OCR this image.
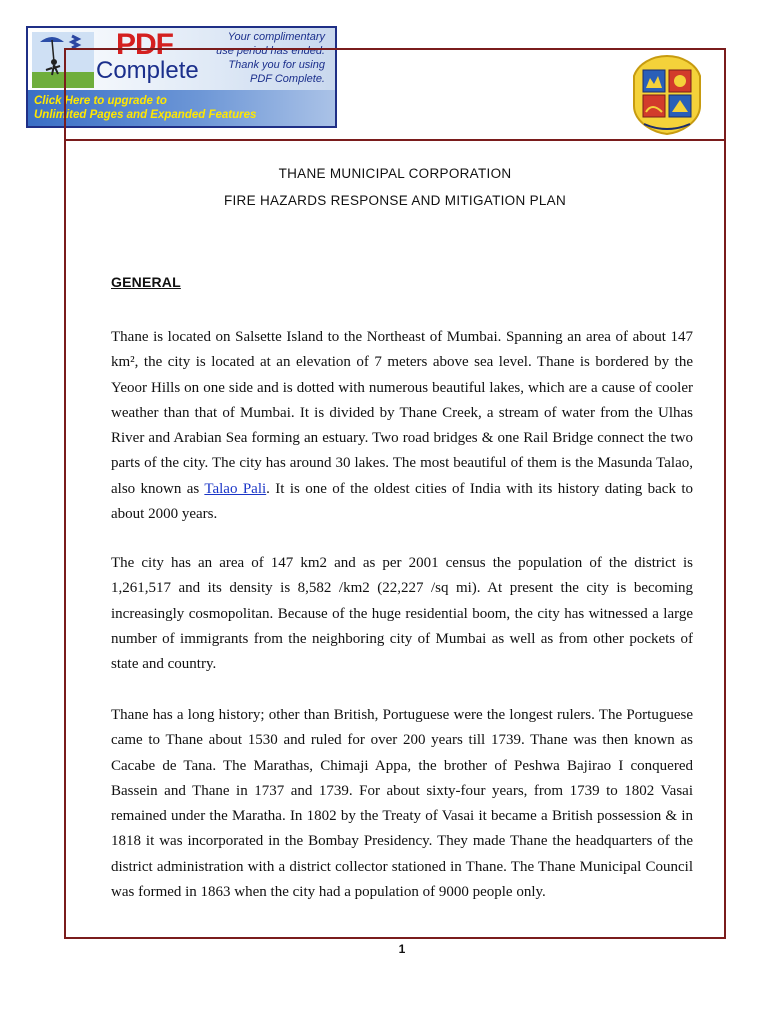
PDF
Complete
Your complimentary
use period has ended.
Thank you for using
PDF Complete.
Click Here to upgrade to
Unlimited Pages and Expanded Features
THANE MUNICIPAL CORPORATION
FIRE HAZARDS RESPONSE AND MITIGATION PLAN
GENERAL

Thane is located on Salsette Island to the Northeast of Mumbai. Spanning an area of about 147 km², the city is located at an elevation of 7 meters above sea level. Thane is bordered by the Yeoor Hills on one side and is dotted with numerous beautiful lakes, which are a cause of cooler weather than that of Mumbai. It is divided by Thane Creek, a stream of water from the Ulhas River and Arabian Sea forming an estuary. Two road bridges & one Rail Bridge connect the two parts of the city. The city has around 30 lakes. The most beautiful of them is the Masunda Talao, also known as Talao Pali. It is one of the oldest cities of India with its history dating back to about 2000 years.

The city has an area of 147 km2 and as per 2001 census the population of the district is 1,261,517 and its density is 8,582 /km2 (22,227 /sq mi). At present the city is becoming increasingly cosmopolitan. Because of the huge residential boom, the city has witnessed a large number of immigrants from the neighboring city of Mumbai as well as from other pockets of state and country.

Thane has a long history; other than British, Portuguese were the longest rulers. The Portuguese came to Thane about 1530 and ruled for over 200 years till 1739. Thane was then known as Cacabe de Tana. The Marathas, Chimaji Appa, the brother of Peshwa Bajirao I conquered Bassein and Thane in 1737 and 1739. For about sixty-four years, from 1739 to 1802 Vasai remained under the Maratha. In 1802 by the Treaty of Vasai it became a British possession & in 1818 it was incorporated in the Bombay Presidency. They made Thane the headquarters of the district administration with a district collector stationed in Thane. The Thane Municipal Council was formed in 1863 when the city had a population of 9000 people only.

1
